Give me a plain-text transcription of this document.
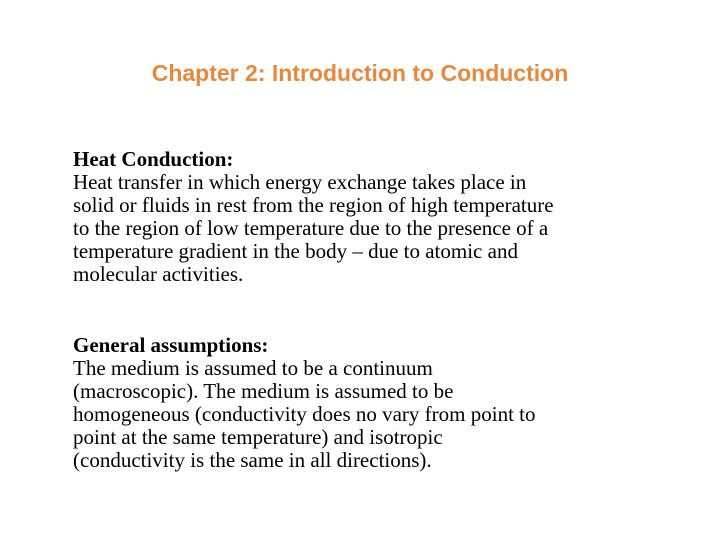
Chapter 2: Introduction to Conduction
Heat Conduction:
Heat transfer in which energy exchange takes place in
solid or fluids in rest from the region of high temperature
to the region of low temperature due to the presence of a
temperature gradient in the body – due to atomic and
molecular activities.
General assumptions:
The medium is assumed to be a continuum
(macroscopic). The medium is assumed to be
homogeneous (conductivity does no vary from point to
point at the same temperature) and isotropic
(conductivity is the same in all directions).
